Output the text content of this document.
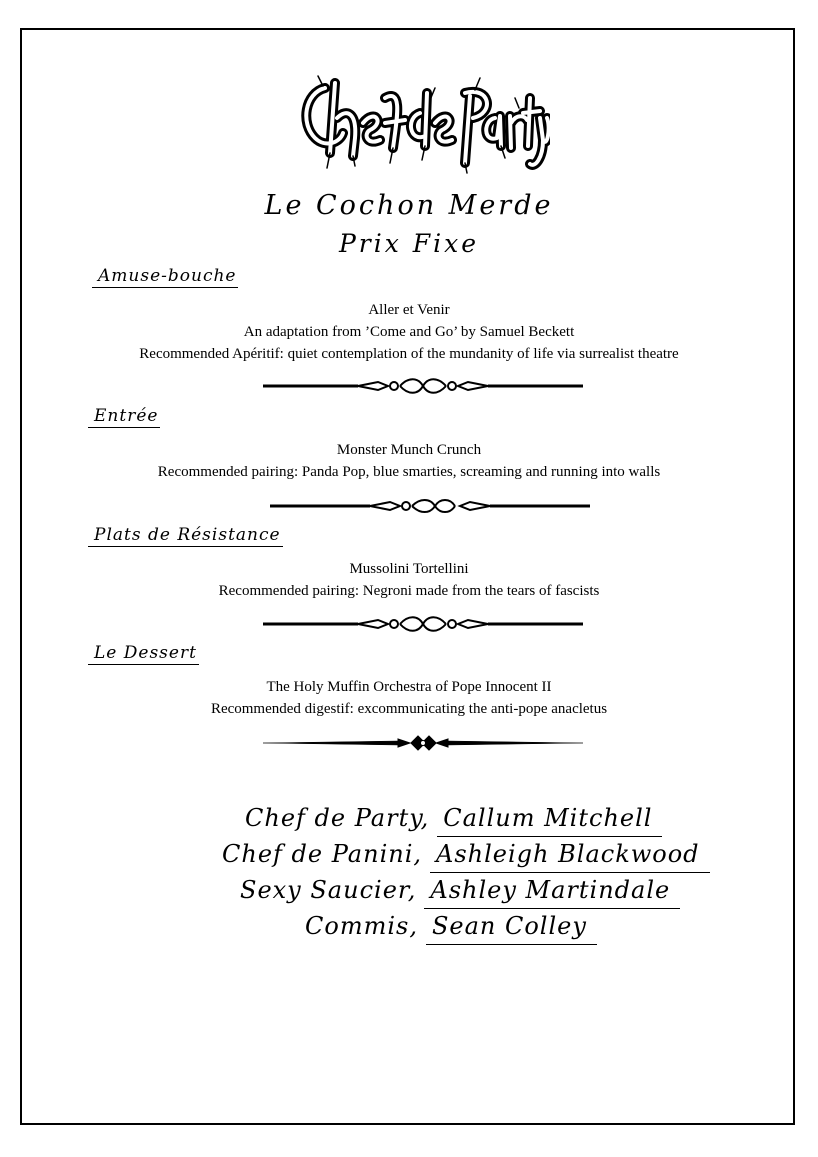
Le Cochon Merde
Prix Fixe
Amuse-bouche
Aller et Venir
An adaptation from ’Come and Go’ by Samuel Beckett
Recommended Apéritif: quiet contemplation of the mundanity of life via surrealist theatre
Entrée
Monster Munch Crunch
Recommended pairing: Panda Pop, blue smarties, screaming and running into walls
Plats de Résistance
Mussolini Tortellini
Recommended pairing: Negroni made from the tears of fascists
Le Dessert
The Holy Muffin Orchestra of Pope Innocent II
Recommended digestif: excommunicating the anti-pope anacletus
Chef de Party, Callum Mitchell
Chef de Panini, Ashleigh Blackwood
Sexy Saucier, Ashley Martindale
Commis, Sean Colley
